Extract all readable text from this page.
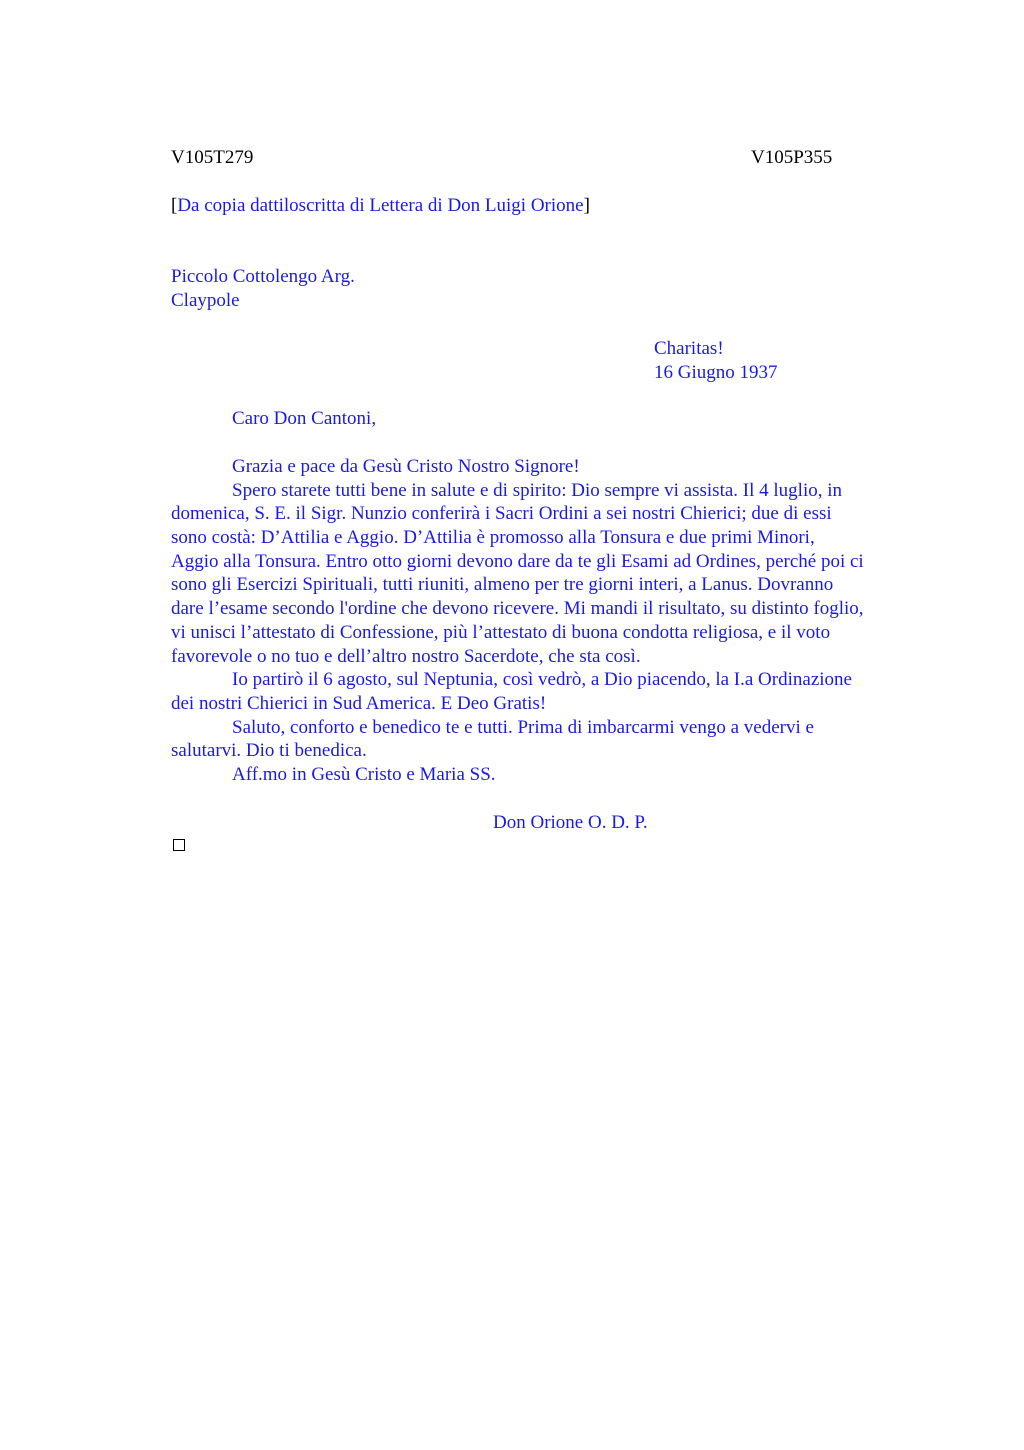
V105T279	V105P355
[Da copia dattiloscritta di Lettera di Don Luigi Orione]
Piccolo Cottolengo Arg.
Claypole
Charitas!
16 Giugno 1937
Caro Don Cantoni,
Grazia e pace da Gesù Cristo Nostro Signore!
Spero starete tutti bene in salute e di spirito: Dio sempre vi assista. Il 4 luglio, in
domenica, S. E. il Sigr. Nunzio conferirà i Sacri Ordini a sei nostri Chierici; due di essi
sono costà: D’Attilia e Aggio. D’Attilia è promosso alla Tonsura e due primi Minori,
Aggio alla Tonsura. Entro otto giorni devono dare da te gli Esami ad Ordines, perché poi ci
sono gli Esercizi Spirituali, tutti riuniti, almeno per tre giorni interi, a Lanus. Dovranno
dare l’esame secondo l'ordine che devono ricevere. Mi mandi il risultato, su distinto foglio,
vi unisci l’attestato di Confessione, più l’attestato di buona condotta religiosa, e il voto
favorevole o no tuo e dell’altro nostro Sacerdote, che sta così.
Io partirò il 6 agosto, sul Neptunia, così vedrò, a Dio piacendo, la I.a Ordinazione
dei nostri Chierici in Sud America. E Deo Gratis!
Saluto, conforto e benedico te e tutti. Prima di imbarcarmi vengo a vedervi e
salutarvi. Dio ti benedica.
Aff.mo in Gesù Cristo e Maria SS.
Don Orione O. D. P.
